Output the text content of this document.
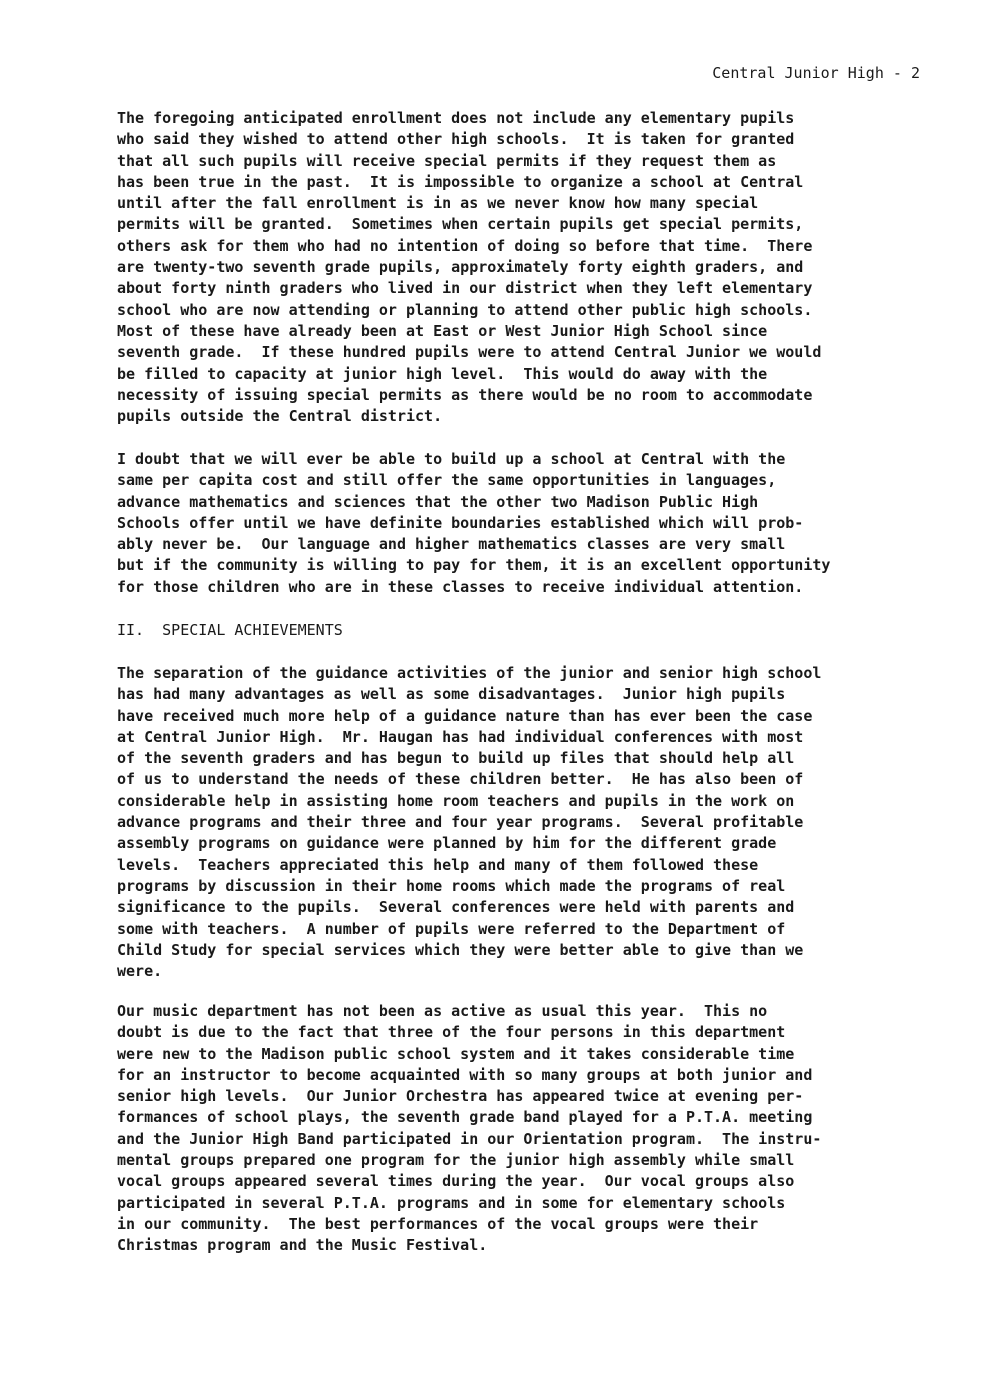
Central Junior High - 2

The foregoing anticipated enrollment does not include any elementary pupils
who said they wished to attend other high schools.  It is taken for granted
that all such pupils will receive special permits if they request them as
has been true in the past.  It is impossible to organize a school at Central
until after the fall enrollment is in as we never know how many special
permits will be granted.  Sometimes when certain pupils get special permits,
others ask for them who had no intention of doing so before that time.  There
are twenty-two seventh grade pupils, approximately forty eighth graders, and
about forty ninth graders who lived in our district when they left elementary
school who are now attending or planning to attend other public high schools.
Most of these have already been at East or West Junior High School since
seventh grade.  If these hundred pupils were to attend Central Junior we would
be filled to capacity at junior high level.  This would do away with the
necessity of issuing special permits as there would be no room to accommodate
pupils outside the Central district.
I doubt that we will ever be able to build up a school at Central with the
same per capita cost and still offer the same opportunities in languages,
advance mathematics and sciences that the other two Madison Public High
Schools offer until we have definite boundaries established which will prob-
ably never be.  Our language and higher mathematics classes are very small
but if the community is willing to pay for them, it is an excellent opportunity
for those children who are in these classes to receive individual attention.
II. SPECIAL ACHIEVEMENTS
The separation of the guidance activities of the junior and senior high school
has had many advantages as well as some disadvantages.  Junior high pupils
have received much more help of a guidance nature than has ever been the case
at Central Junior High.  Mr. Haugan has had individual conferences with most
of the seventh graders and has begun to build up files that should help all
of us to understand the needs of these children better.  He has also been of
considerable help in assisting home room teachers and pupils in the work on
advance programs and their three and four year programs.  Several profitable
assembly programs on guidance were planned by him for the different grade
levels.  Teachers appreciated this help and many of them followed these
programs by discussion in their home rooms which made the programs of real
significance to the pupils.  Several conferences were held with parents and
some with teachers.  A number of pupils were referred to the Department of
Child Study for special services which they were better able to give than we
were.
Our music department has not been as active as usual this year.  This no
doubt is due to the fact that three of the four persons in this department
were new to the Madison public school system and it takes considerable time
for an instructor to become acquainted with so many groups at both junior and
senior high levels.  Our Junior Orchestra has appeared twice at evening per-
formances of school plays, the seventh grade band played for a P.T.A. meeting
and the Junior High Band participated in our Orientation program.  The instru-
mental groups prepared one program for the junior high assembly while small
vocal groups appeared several times during the year.  Our vocal groups also
participated in several P.T.A. programs and in some for elementary schools
in our community.  The best performances of the vocal groups were their
Christmas program and the Music Festival.
